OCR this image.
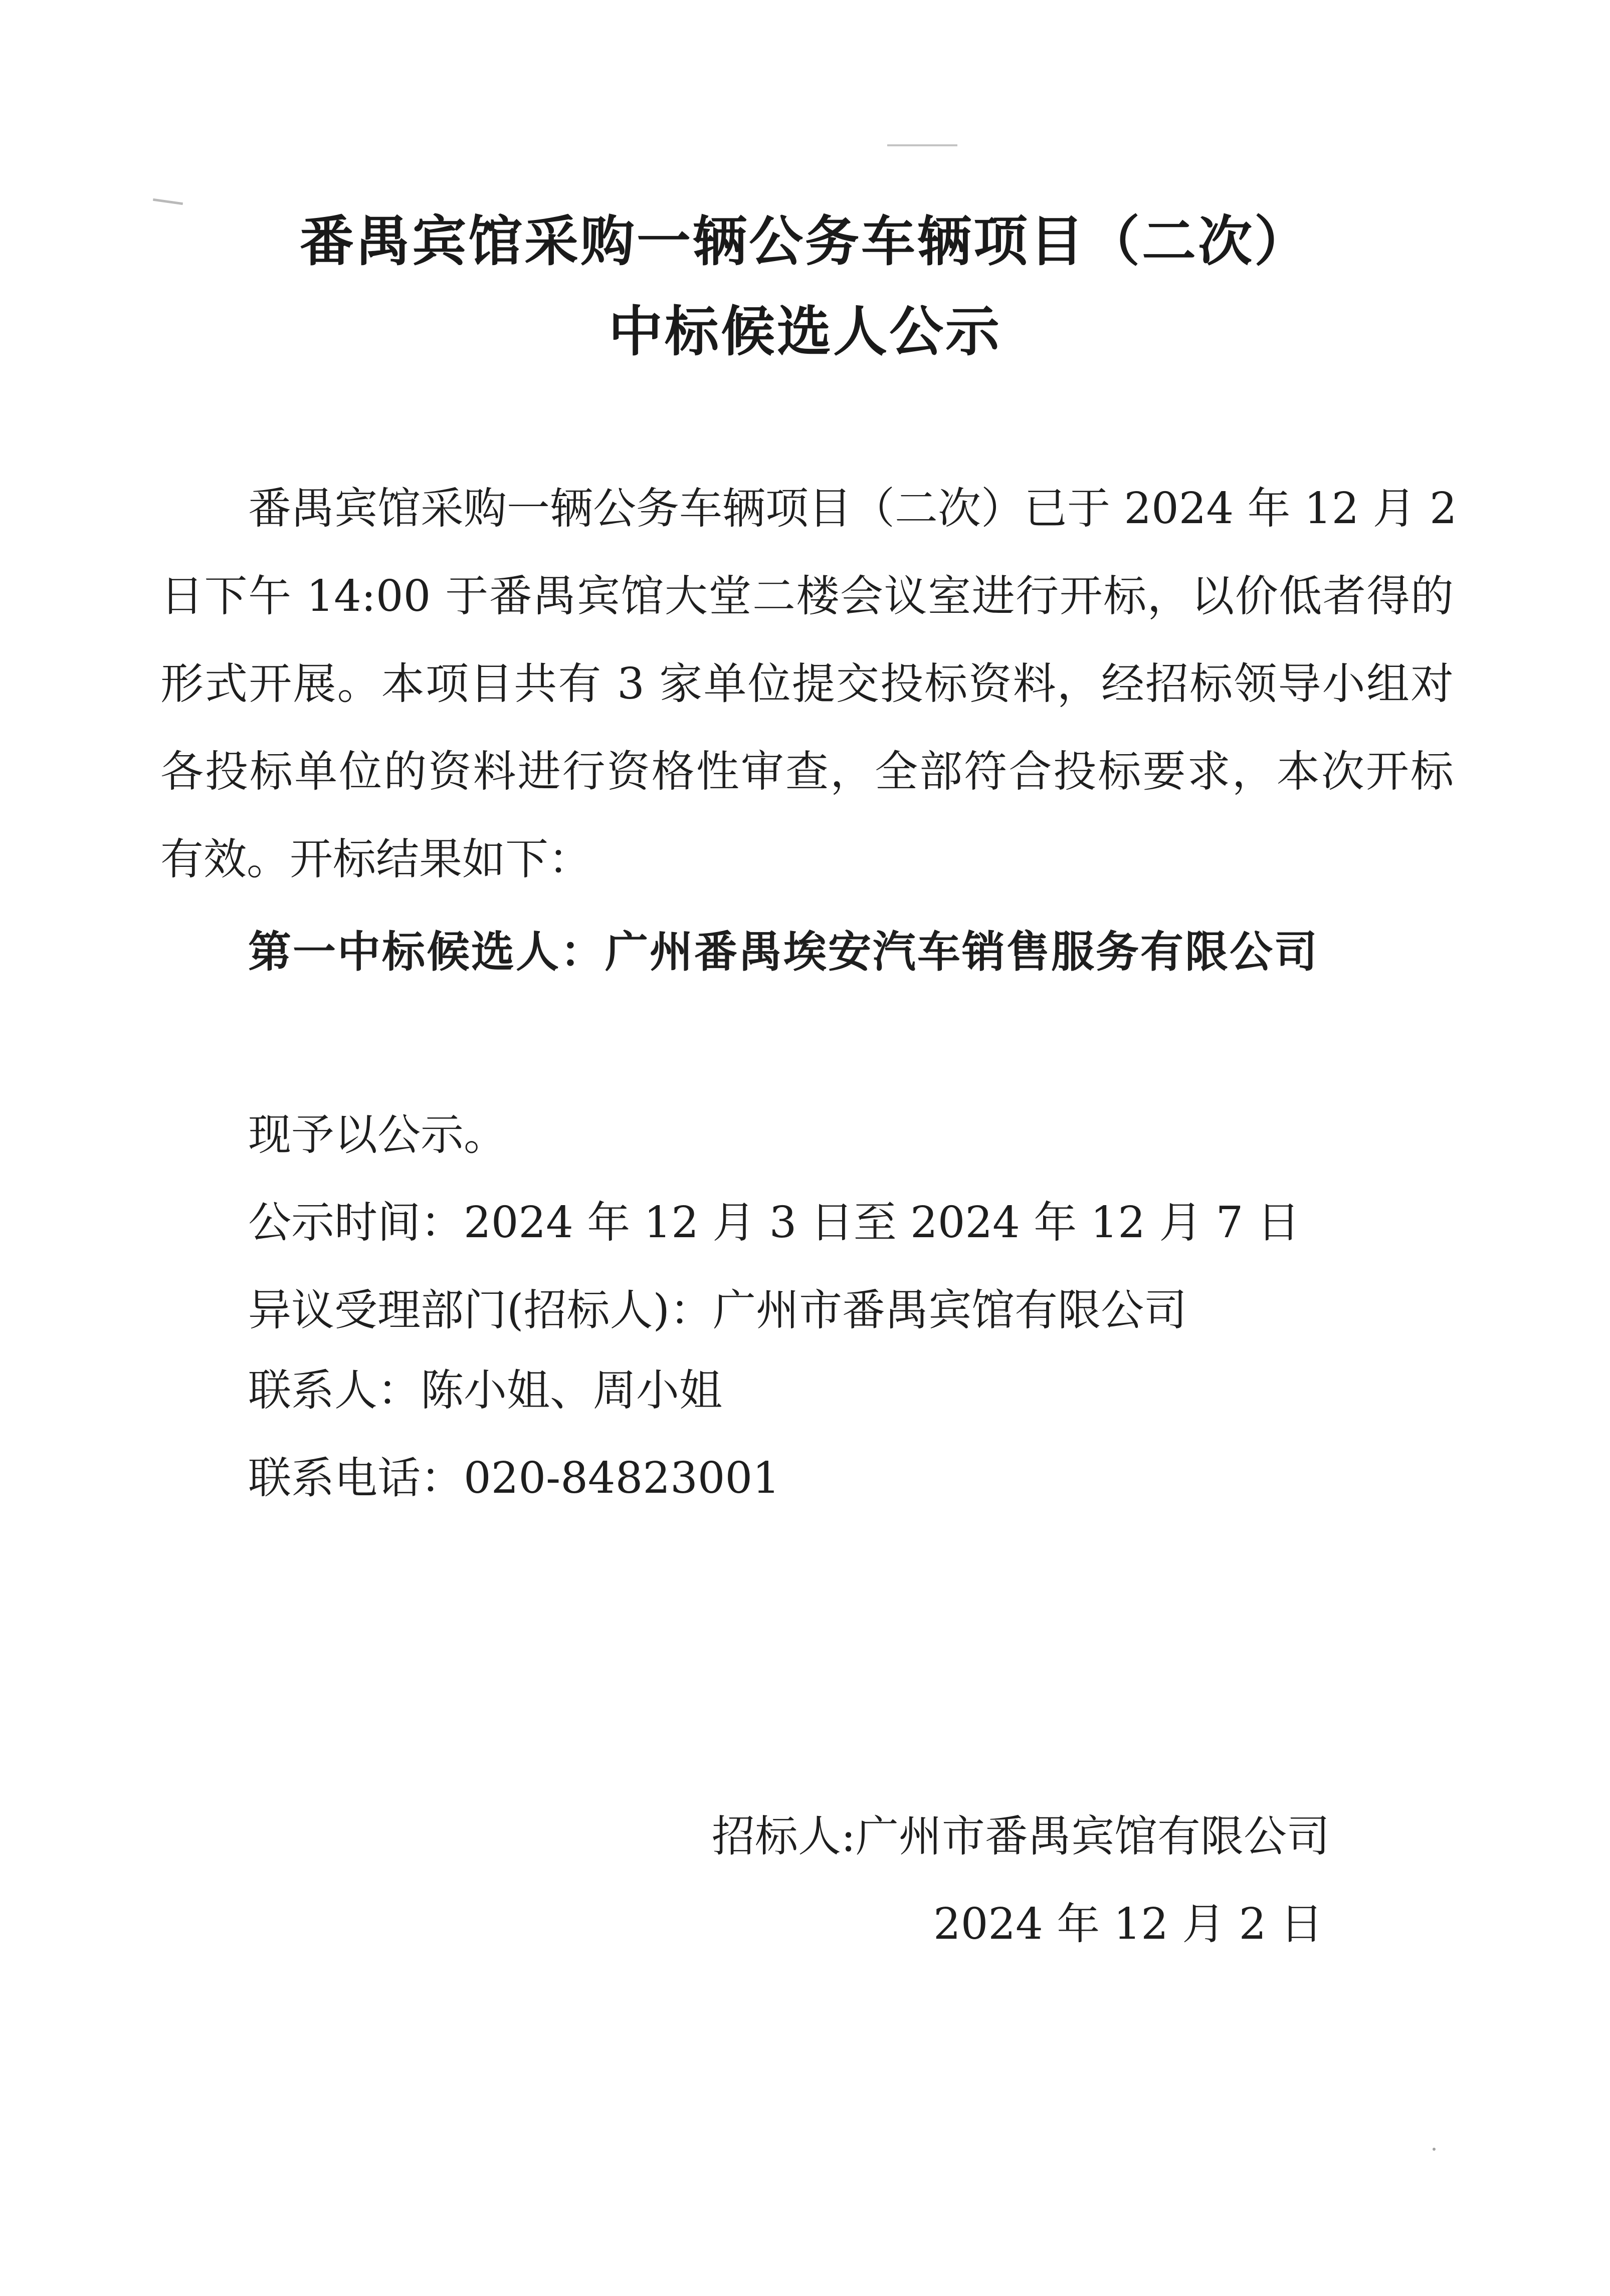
番禺宾馆采购一辆公务车辆项目（二次）
中标候选人公示
番禺宾馆采购一辆公务车辆项目（二次）已于 2024 年 12 月 2
日下午 14:00 于番禺宾馆大堂二楼会议室进行开标，以价低者得的
形式开展。本项目共有 3 家单位提交投标资料，经招标领导小组对
各投标单位的资料进行资格性审查，全部符合投标要求，本次开标
有效。开标结果如下：
第一中标候选人：广州番禺埃安汽车销售服务有限公司
现予以公示。
公示时间：2024 年 12 月 3 日至 2024 年 12 月 7 日
异议受理部门(招标人)：广州市番禺宾馆有限公司
联系人：陈小姐、周小姐
联系电话：020-84823001
招标人:广州市番禺宾馆有限公司
2024 年 12 月 2 日
